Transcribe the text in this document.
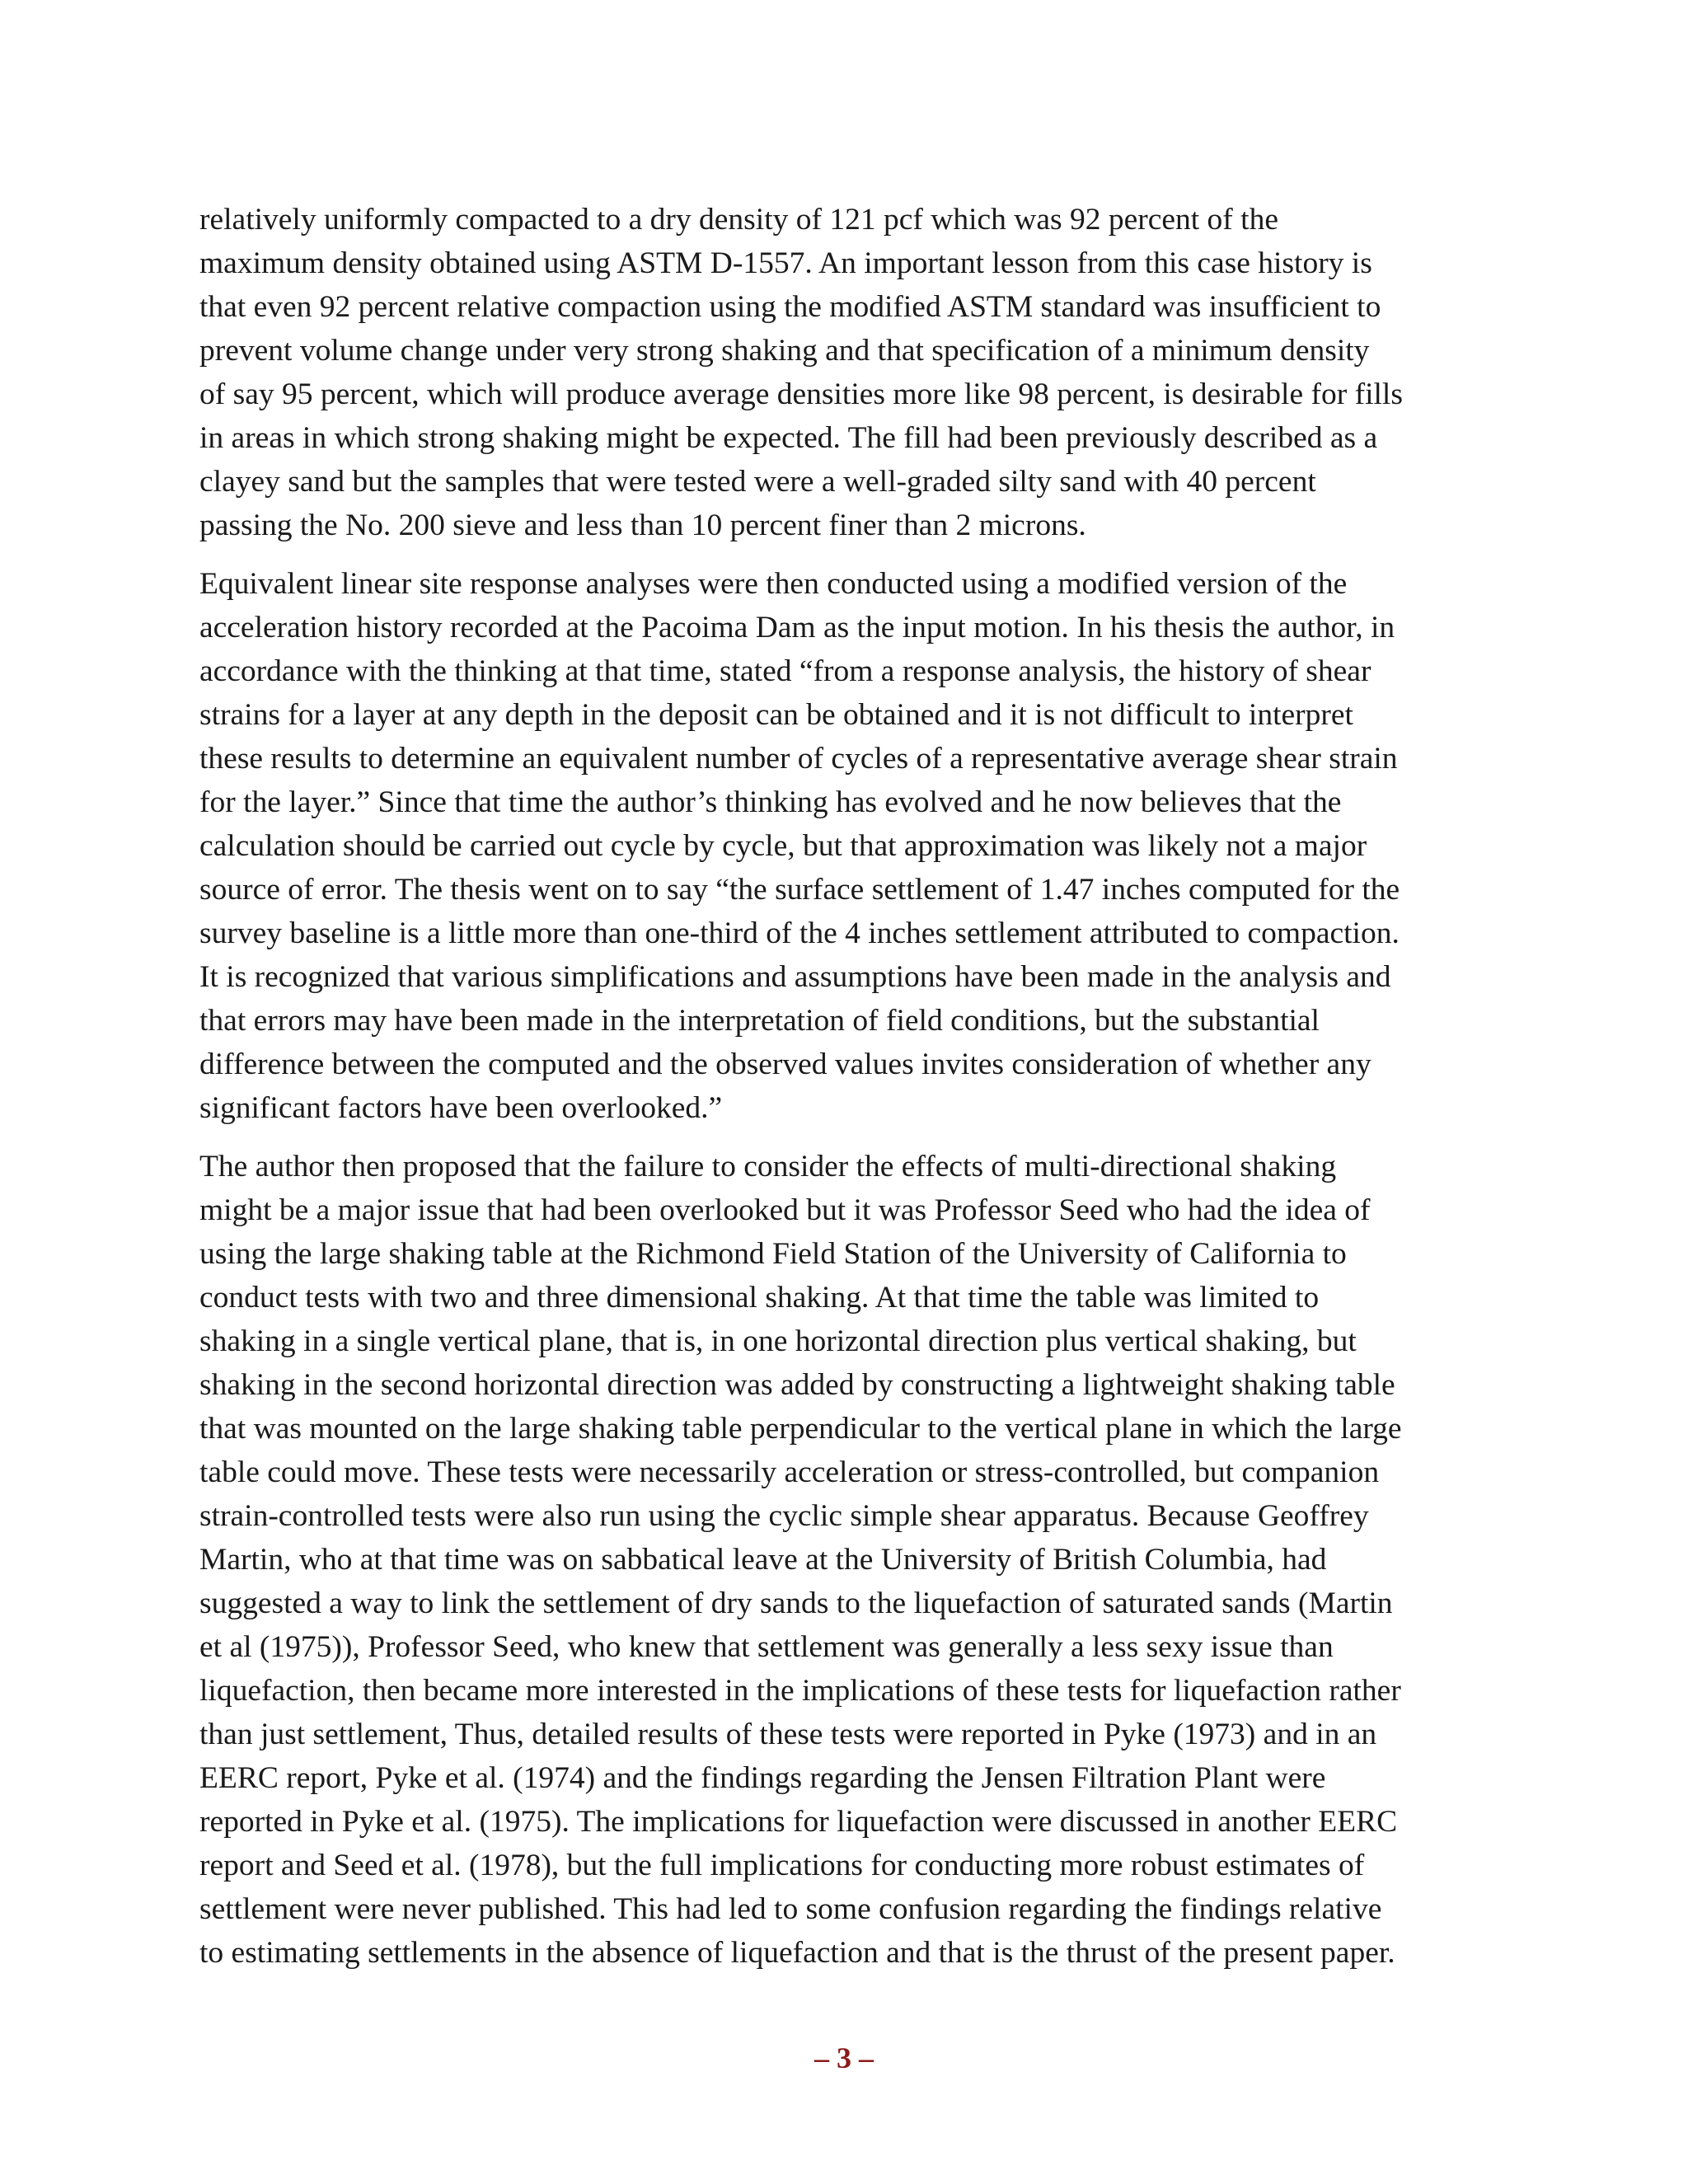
relatively uniformly compacted to a dry density of 121 pcf which was 92 percent of the
maximum density obtained using ASTM D-1557. An important lesson from this case history is
that even 92 percent relative compaction using the modified ASTM standard was insufficient to
prevent volume change under very strong shaking and that specification of a minimum density
of say 95 percent, which will produce average densities more like 98 percent, is desirable for fills
in areas in which strong shaking might be expected. The fill had been previously described as a
clayey sand but the samples that were tested were a well-graded silty sand with 40 percent
passing the No. 200 sieve and less than 10 percent finer than 2 microns.

Equivalent linear site response analyses were then conducted using a modified version of the
acceleration history recorded at the Pacoima Dam as the input motion. In his thesis the author, in
accordance with the thinking at that time, stated “from a response analysis, the history of shear
strains for a layer at any depth in the deposit can be obtained and it is not difficult to interpret
these results to determine an equivalent number of cycles of a representative average shear strain
for the layer.” Since that time the author’s thinking has evolved and he now believes that the
calculation should be carried out cycle by cycle, but that approximation was likely not a major
source of error. The thesis went on to say “the surface settlement of 1.47 inches computed for the
survey baseline is a little more than one-third of the 4 inches settlement attributed to compaction.
It is recognized that various simplifications and assumptions have been made in the analysis and
that errors may have been made in the interpretation of field conditions, but the substantial
difference between the computed and the observed values invites consideration of whether any
significant factors have been overlooked.”

The author then proposed that the failure to consider the effects of multi-directional shaking
might be a major issue that had been overlooked but it was Professor Seed who had the idea of
using the large shaking table at the Richmond Field Station of the University of California to
conduct tests with two and three dimensional shaking. At that time the table was limited to
shaking in a single vertical plane, that is, in one horizontal direction plus vertical shaking, but
shaking in the second horizontal direction was added by constructing a lightweight shaking table
that was mounted on the large shaking table perpendicular to the vertical plane in which the large
table could move. These tests were necessarily acceleration or stress-controlled, but companion
strain-controlled tests were also run using the cyclic simple shear apparatus. Because Geoffrey
Martin, who at that time was on sabbatical leave at the University of British Columbia, had
suggested a way to link the settlement of dry sands to the liquefaction of saturated sands (Martin
et al (1975)), Professor Seed, who knew that settlement was generally a less sexy issue than
liquefaction, then became more interested in the implications of these tests for liquefaction rather
than just settlement, Thus, detailed results of these tests were reported in Pyke (1973) and in an
EERC report, Pyke et al. (1974) and the findings regarding the Jensen Filtration Plant were
reported in Pyke et al. (1975). The implications for liquefaction were discussed in another EERC
report and Seed et al. (1978), but the full implications for conducting more robust estimates of
settlement were never published. This had led to some confusion regarding the findings relative
to estimating settlements in the absence of liquefaction and that is the thrust of the present paper.

– 3 –
